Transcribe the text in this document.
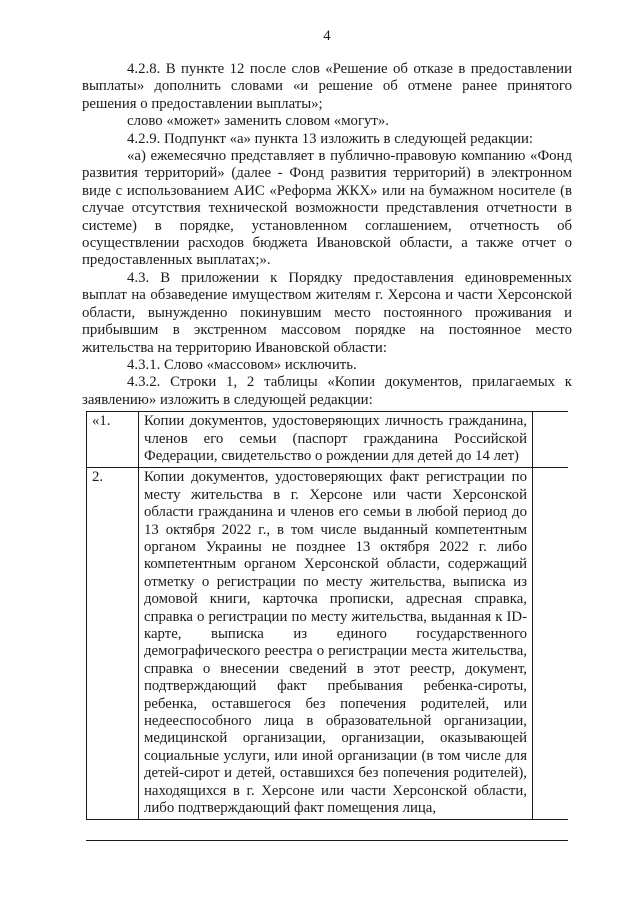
4

4.2.8. В пункте 12 после слов «Решение об отказе в предоставлении выплаты» дополнить словами «и решение об отмене ранее принятого решения о предоставлении выплаты»;

слово «может» заменить словом «могут».

4.2.9. Подпункт «а» пункта 13 изложить в следующей редакции:

«а) ежемесячно представляет в публично-правовую компанию «Фонд развития территорий» (далее - Фонд развития территорий) в электронном виде с использованием АИС «Реформа ЖКХ» или на бумажном носителе (в случае отсутствия технической возможности представления отчетности в системе) в порядке, установленном соглашением, отчетность об осуществлении расходов бюджета Ивановской области, а также отчет о предоставленных выплатах;».

4.3. В приложении к Порядку предоставления единовременных выплат на обзаведение имуществом жителям г. Херсона и части Херсонской области, вынужденно покинувшим место постоянного проживания и прибывшим в экстренном массовом порядке на постоянное место жительства на территорию Ивановской области:

4.3.1. Слово «массовом» исключить.

4.3.2. Строки 1, 2 таблицы «Копии документов, прилагаемых к заявлению» изложить в следующей редакции:

«1.	Копии документов, удостоверяющих личность гражданина, членов его семьи (паспорт гражданина Российской Федерации, свидетельство о рождении для детей до 14 лет)	
2.	Копии документов, удостоверяющих факт регистрации по месту жительства в г. Херсоне или части Херсонской области гражданина и членов его семьи в любой период до 13 октября 2022 г., в том числе выданный компетентным органом Украины не позднее 13 октября 2022 г. либо компетентным органом Херсонской области, содержащий отметку о регистрации по месту жительства, выписка из домовой книги, карточка прописки, адресная справка, справка о регистрации по месту жительства, выданная к ID-карте, выписка из единого государственного демографического реестра о регистрации места жительства, справка о внесении сведений в этот реестр, документ, подтверждающий факт пребывания ребенка-сироты, ребенка, оставшегося без попечения родителей, или недееспособного лица в образовательной организации, медицинской организации, организации, оказывающей социальные услуги, или иной организации (в том числе для детей-сирот и детей, оставшихся без попечения родителей), находящихся в г. Херсоне или части Херсонской области, либо подтверждающий факт помещения лица,	
